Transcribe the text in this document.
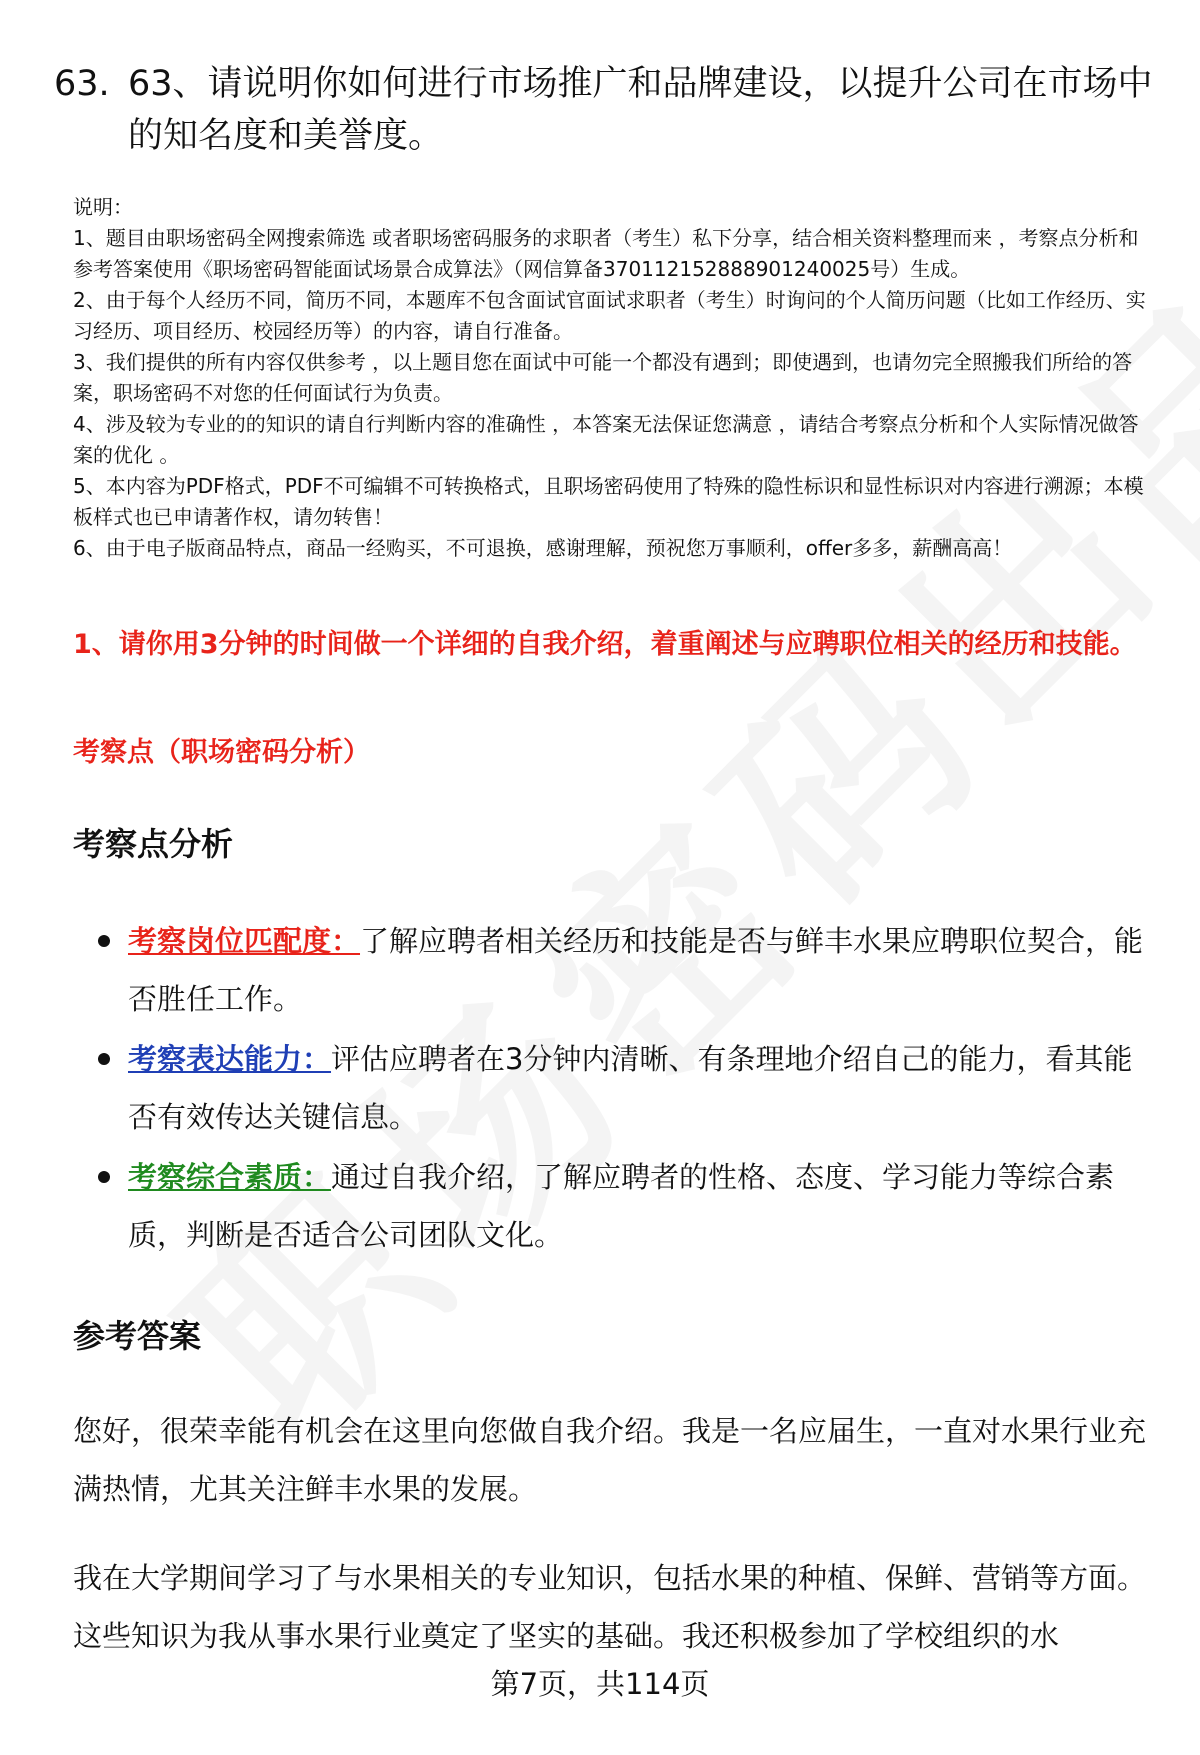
63. 63、请说明你如何进行市场推广和品牌建设，以提升公司在市场中的知名度和美誉度。

说明：

1、题目由职场密码全网搜索筛选 或者职场密码服务的求职者（考生）私下分享，结合相关资料整理而来 ，考察点分析和参考答案使用《职场密码智能面试场景合成算法》（网信算备370112152888901240025号）生成。

2、由于每个人经历不同，简历不同，本题库不包含面试官面试求职者（考生）时询问的个人简历问题（比如工作经历、实习经历、项目经历、校园经历等）的内容，请自行准备。

3、我们提供的所有内容仅供参考 ，以上题目您在面试中可能一个都没有遇到；即使遇到，也请勿完全照搬我们所给的答案，职场密码不对您的任何面试行为负责。

4、涉及较为专业的的知识的请自行判断内容的准确性 ，本答案无法保证您满意 ，请结合考察点分析和个人实际情况做答案的优化 。

5、本内容为PDF格式，PDF不可编辑不可转换格式，且职场密码使用了特殊的隐性标识和显性标识对内容进行溯源；本模板样式也已申请著作权，请勿转售！

6、由于电子版商品特点，商品一经购买，不可退换，感谢理解，预祝您万事顺利，offer多多，薪酬高高！

1、请你用3分钟的时间做一个详细的自我介绍，着重阐述与应聘职位相关的经历和技能。
考察点（职场密码分析）
考察点分析
考察岗位匹配度：了解应聘者相关经历和技能是否与鲜丰水果应聘职位契合，能否胜任工作。
考察表达能力：评估应聘者在3分钟内清晰、有条理地介绍自己的能力，看其能否有效传达关键信息。
考察综合素质：通过自我介绍，了解应聘者的性格、态度、学习能力等综合素质，判断是否适合公司团队文化。
参考答案

您好，很荣幸能有机会在这里向您做自我介绍。我是一名应届生，一直对水果行业充满热情，尤其关注鲜丰水果的发展。

我在大学期间学习了与水果相关的专业知识，包括水果的种植、保鲜、营销等方面。这些知识为我从事水果行业奠定了坚实的基础。我还积极参加了学校组织的水

第7页，共114页
